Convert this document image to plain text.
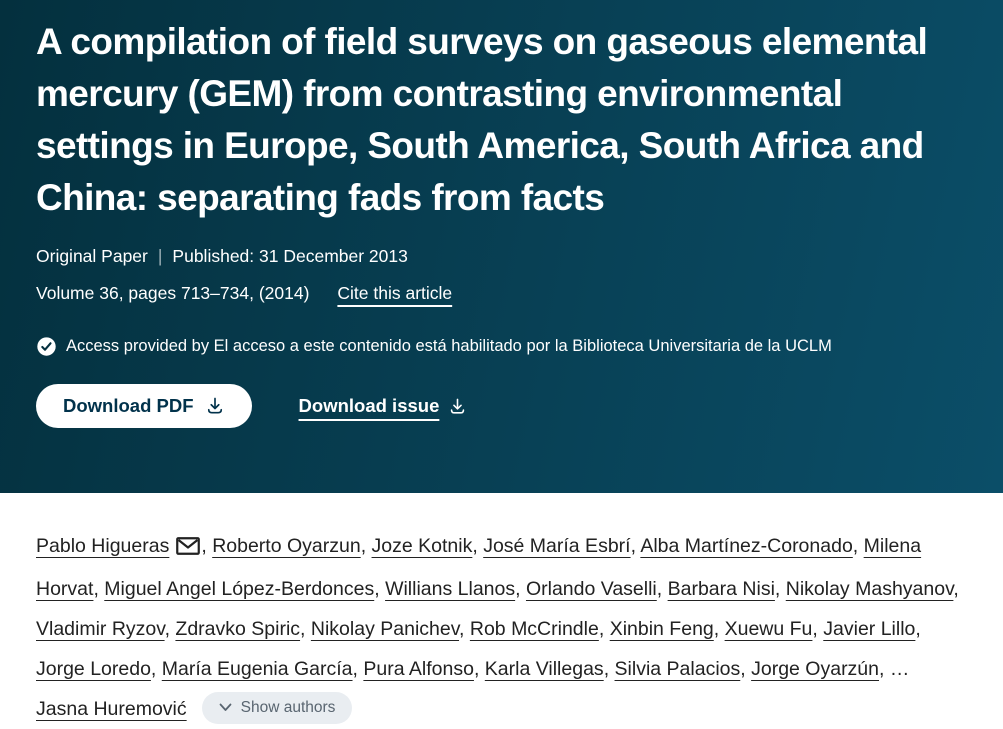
A compilation of field surveys on gaseous elemental mercury (GEM) from contrasting environmental settings in Europe, South America, South Africa and China: separating fads from facts

Original Paper | Published: 31 December 2013

Volume 36, pages 713–734, (2014) Cite this article

Access provided by El acceso a este contenido está habilitado por la Biblioteca Universitaria de la UCLM

Download PDF	Download issue

Pablo Higueras , Roberto Oyarzun, Joze Kotnik, José María Esbrí, Alba Martínez-Coronado, Milena Horvat, Miguel Angel López-Berdonces, Willians Llanos, Orlando Vaselli, Barbara Nisi, Nikolay Mashyanov, Vladimir Ryzov, Zdravko Spiric, Nikolay Panichev, Rob McCrindle, Xinbin Feng, Xuewu Fu, Javier Lillo, Jorge Loredo, María Eugenia García, Pura Alfonso, Karla Villegas, Silvia Palacios, Jorge Oyarzún, … Jasna Huremović	Show authors
